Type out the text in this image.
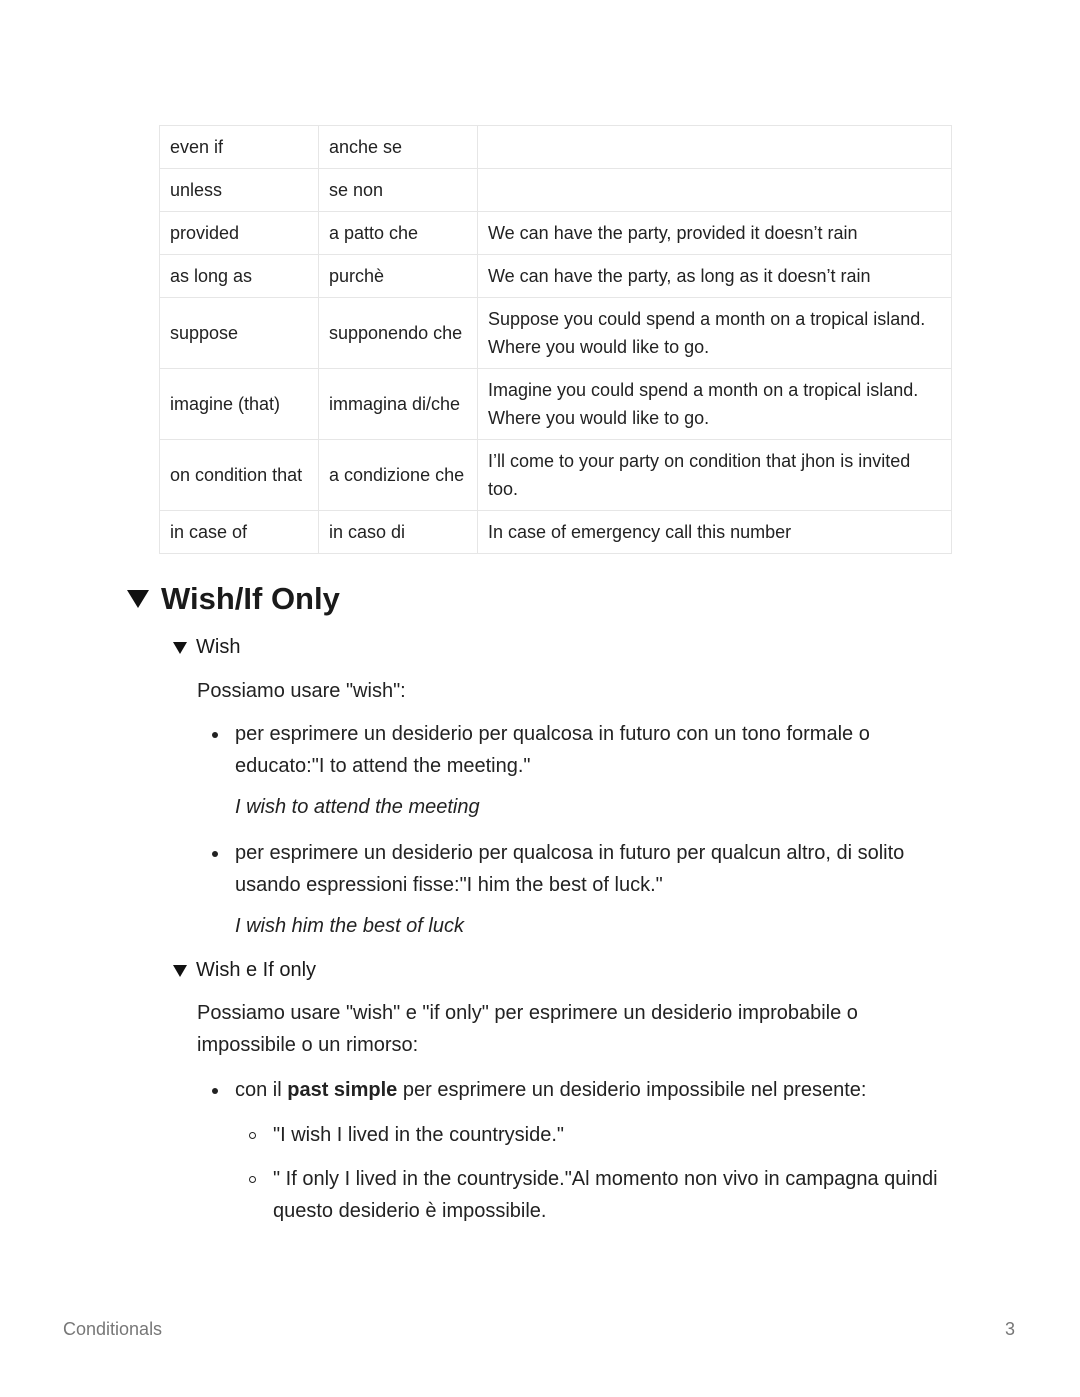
even if	anche se	
unless	se non	
provided	a patto che	We can have the party, provided it doesn’t rain
as long as	purchè	We can have the party, as long as it doesn’t rain
suppose	supponendo che	Suppose you could spend a month on a tropical island. Where you would like to go.
imagine (that)	immagina di/che	Imagine you could spend a month on a tropical island. Where you would like to go.
on condition that	a condizione che	I’ll come to your party on condition that jhon is invited too.
in case of	in caso di	In case of emergency call this number
Wish/If Only
Wish

Possiamo usare "wish":

per esprimere un desiderio per qualcosa in futuro con un tono formale o educato:"I to attend the meeting."
I wish to attend the meeting
per esprimere un desiderio per qualcosa in futuro per qualcun altro, di solito usando espressioni fisse:"I him the best of luck."
I wish him the best of luck
Wish e If only

Possiamo usare "wish" e "if only" per esprimere un desiderio improbabile o impossibile o un rimorso:

con il past simple per esprimere un desiderio impossibile nel presente:
"I wish I lived in the countryside."
" If only I lived in the countryside."Al momento non vivo in campagna quindi questo desiderio è impossibile.
Conditionals	3
